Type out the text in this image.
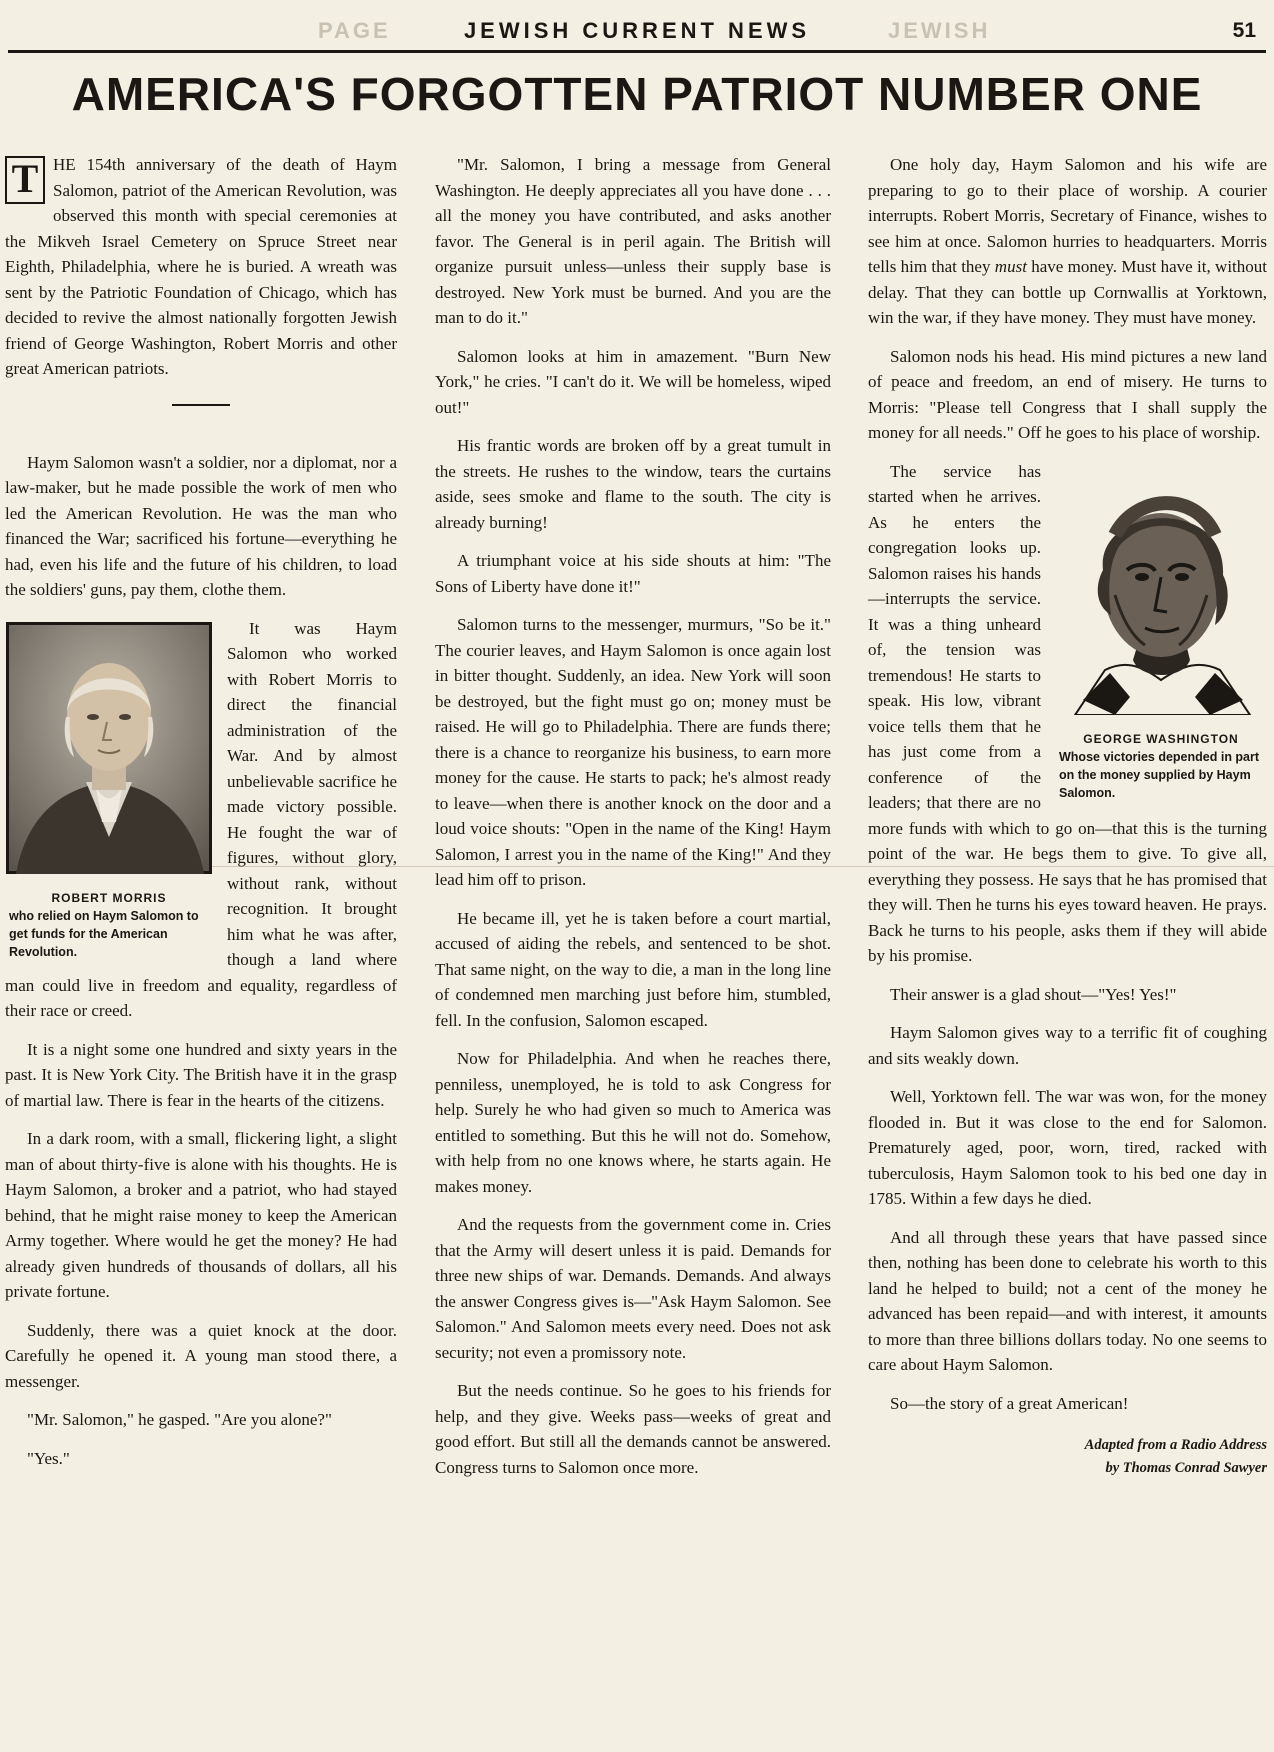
PAGE	JEWISH CURRENT NEWS	JEWISH	51
AMERICA'S FORGOTTEN PATRIOT NUMBER ONE

T HE 154th anniversary of the death of Haym Salomon, patriot of the American Revolution, was observed this month with special ceremonies at the Mikveh Israel Cemetery on Spruce Street near Eighth, Philadelphia, where he is buried. A wreath was sent by the Patriotic Foundation of Chicago, which has decided to revive the almost nationally forgotten Jewish friend of George Washington, Robert Morris and other great American patriots.

Haym Salomon wasn't a soldier, nor a diplomat, nor a law-maker, but he made possible the work of men who led the American Revolution. He was the man who financed the War; sacrificed his fortune—everything he had, even his life and the future of his children, to load the soldiers' guns, pay them, clothe them.

ROBERT MORRIS
who relied on Haym Salomon to get funds for the American Revolution.

It was Haym Salomon who worked with Robert Morris to direct the financial administration of the War. And by almost unbelievable sacrifice he made victory possible. He fought the war of figures, without glory, without rank, without recognition. It brought him what he was after, though a land where man could live in freedom and equality, regardless of their race or creed.

It is a night some one hundred and sixty years in the past. It is New York City. The British have it in the grasp of martial law. There is fear in the hearts of the citizens.

In a dark room, with a small, flickering light, a slight man of about thirty-five is alone with his thoughts. He is Haym Salomon, a broker and a patriot, who had stayed behind, that he might raise money to keep the American Army together. Where would he get the money? He had already given hundreds of thousands of dollars, all his private fortune.

Suddenly, there was a quiet knock at the door. Carefully he opened it. A young man stood there, a messenger.

"Mr. Salomon," he gasped. "Are you alone?"

"Yes."

"Mr. Salomon, I bring a message from General Washington. He deeply appreciates all you have done . . . all the money you have contributed, and asks another favor. The General is in peril again. The British will organize pursuit unless—unless their supply base is destroyed. New York must be burned. And you are the man to do it."

Salomon looks at him in amazement. "Burn New York," he cries. "I can't do it. We will be homeless, wiped out!"

His frantic words are broken off by a great tumult in the streets. He rushes to the window, tears the curtains aside, sees smoke and flame to the south. The city is already burning!

A triumphant voice at his side shouts at him: "The Sons of Liberty have done it!"

Salomon turns to the messenger, murmurs, "So be it." The courier leaves, and Haym Salomon is once again lost in bitter thought. Suddenly, an idea. New York will soon be destroyed, but the fight must go on; money must be raised. He will go to Philadelphia. There are funds there; there is a chance to reorganize his business, to earn more money for the cause. He starts to pack; he's almost ready to leave—when there is another knock on the door and a loud voice shouts: "Open in the name of the King! Haym Salomon, I arrest you in the name of the King!" And they lead him off to prison.

He became ill, yet he is taken before a court martial, accused of aiding the rebels, and sentenced to be shot. That same night, on the way to die, a man in the long line of condemned men marching just before him, stumbled, fell. In the confusion, Salomon escaped.

Now for Philadelphia. And when he reaches there, penniless, unemployed, he is told to ask Congress for help. Surely he who had given so much to America was entitled to something. But this he will not do. Somehow, with help from no one knows where, he starts again. He makes money.

And the requests from the government come in. Cries that the Army will desert unless it is paid. Demands for three new ships of war. Demands. Demands. And always the answer Congress gives is—"Ask Haym Salomon. See Salomon." And Salomon meets every need. Does not ask security; not even a promissory note.

But the needs continue. So he goes to his friends for help, and they give. Weeks pass—weeks of great and good effort. But still all the demands cannot be answered. Congress turns to Salomon once more.

One holy day, Haym Salomon and his wife are preparing to go to their place of worship. A courier interrupts. Robert Morris, Secretary of Finance, wishes to see him at once. Salomon hurries to headquarters. Morris tells him that they must have money. Must have it, without delay. That they can bottle up Cornwallis at Yorktown, win the war, if they have money. They must have money.

Salomon nods his head. His mind pictures a new land of peace and freedom, an end of misery. He turns to Morris: "Please tell Congress that I shall supply the money for all needs." Off he goes to his place of worship.

GEORGE WASHINGTON
Whose victories depended in part on the money supplied by Haym Salomon.

The service has started when he arrives. As he enters the congregation looks up. Salomon raises his hands—interrupts the service. It was a thing unheard of, the tension was tremendous! He starts to speak. His low, vibrant voice tells them that he has just come from a conference of the leaders; that there are no more funds with which to go on—that this is the turning point of the war. He begs them to give. To give all, everything they possess. He says that he has promised that they will. Then he turns his eyes toward heaven. He prays. Back he turns to his people, asks them if they will abide by his promise.

Their answer is a glad shout—"Yes! Yes!"

Haym Salomon gives way to a terrific fit of coughing and sits weakly down.

Well, Yorktown fell. The war was won, for the money flooded in. But it was close to the end for Salomon. Prematurely aged, poor, worn, tired, racked with tuberculosis, Haym Salomon took to his bed one day in 1785. Within a few days he died.

And all through these years that have passed since then, nothing has been done to celebrate his worth to this land he helped to build; not a cent of the money he advanced has been repaid—and with interest, it amounts to more than three billions dollars today. No one seems to care about Haym Salomon.

So—the story of a great American!

Adapted from a Radio Address
by Thomas Conrad Sawyer
